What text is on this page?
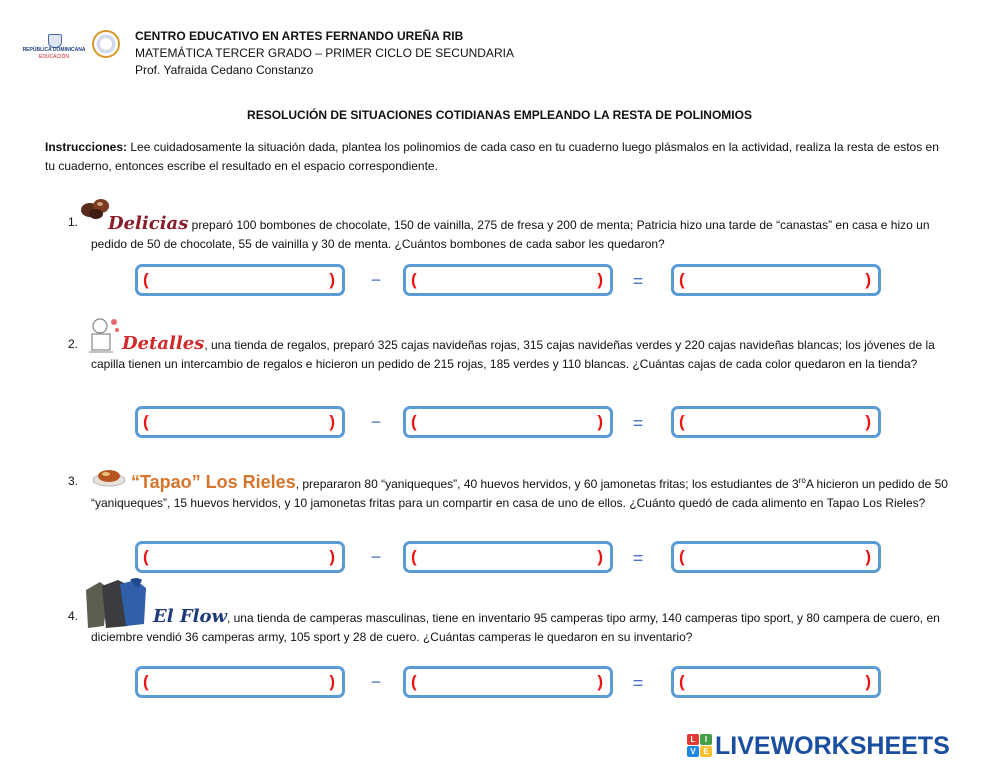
REPÚBLICA DOMINICANA
EDUCACIÓN
CENTRO EDUCATIVO EN ARTES FERNANDO UREÑA RIB
MATEMÁTICA TERCER GRADO – PRIMER CICLO DE SECUNDARIA
Prof. Yafraida Cedano Constanzo
RESOLUCIÓN DE SITUACIONES COTIDIANAS EMPLEANDO LA RESTA DE POLINOMIOS
Instrucciones: Lee cuidadosamente la situación dada, plantea los polinomios de cada caso en tu cuaderno luego plásmalos en la actividad, realiza la resta de estos en tu cuaderno, entonces escribe el resultado en el espacio correspondiente.
1.	Delicias preparó 100 bombones de chocolate, 150 de vainilla, 275 de fresa y 200 de menta; Patricia hizo una tarde de “canastas” en casa e hizo un pedido de 50 de chocolate, 55 de vainilla y 30 de menta. ¿Cuántos bombones de cada sabor les quedaron?
(	) − (	) = (	)
2.	Detalles, una tienda de regalos, preparó 325 cajas navideñas rojas, 315 cajas navideñas verdes y 220 cajas navideñas blancas; los jóvenes de la capilla tienen un intercambio de regalos e hicieron un pedido de 215 rojas, 185 verdes y 110 blancas. ¿Cuántas cajas de cada color quedaron en la tienda?
(	) − (	) = (	)
3.	“Tapao” Los Rieles, prepararon 80 “yaniqueques”, 40 huevos hervidos, y 60 jamonetas fritas; los estudiantes de $3^{ro}A$ hicieron un pedido de 50 “yaniqueques”, 15 huevos hervidos, y 10 jamonetas fritas para un compartir en casa de uno de ellos. ¿Cuánto quedó de cada alimento en Tapao Los Rieles?
(	) − (	) = (	)
4.	El Flow, una tienda de camperas masculinas, tiene en inventario 95 camperas tipo army, 140 camperas tipo sport, y 80 campera de cuero, en diciembre vendió 36 camperas army, 105 sport y 28 de cuero. ¿Cuántas camperas le quedaron en su inventario?
(	) − (	) = (	)
L	I
V E LIVEWORKSHEETS
